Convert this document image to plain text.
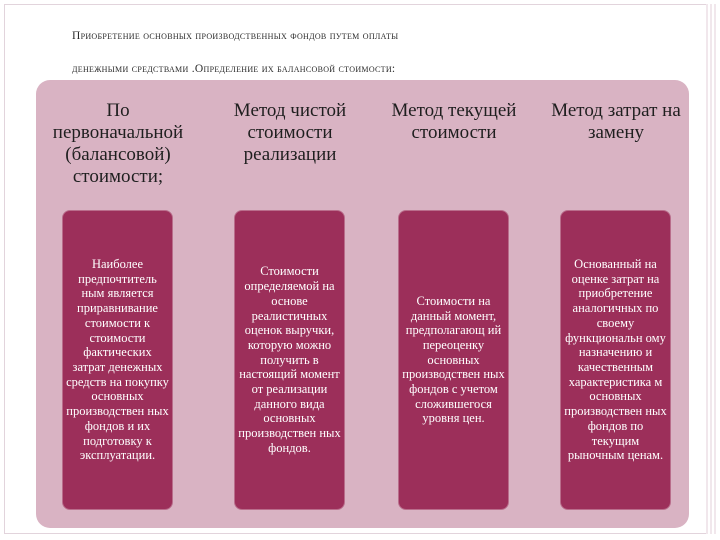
Приобретение основных производственных фондов путем оплаты
денежными средствами .Определение их балансовой стоимости:
По первоначальной (балансовой) стоимости;
Наиболее предпочтитель ным является приравнивание стоимости к стоимости фактических затрат денежных средств на покупку основных производствен ных фондов и их подготовку к эксплуатации.
Метод чистой стоимости реализации
Стоимости определяемой на основе реалистичных оценок выручки, которую можно получить в настоящий момент от реализации данного вида основных производствен ных фондов.
Метод текущей стоимости
Стоимости на данный момент, предполагающ ий переоценку основных производствен ных фондов с учетом сложившегося уровня цен.
Метод затрат на замену
Основанный на оценке затрат на приобретение аналогичных по своему функциональн ому назначению и качественным характеристика м основных производствен ных фондов по текущим рыночным ценам.
